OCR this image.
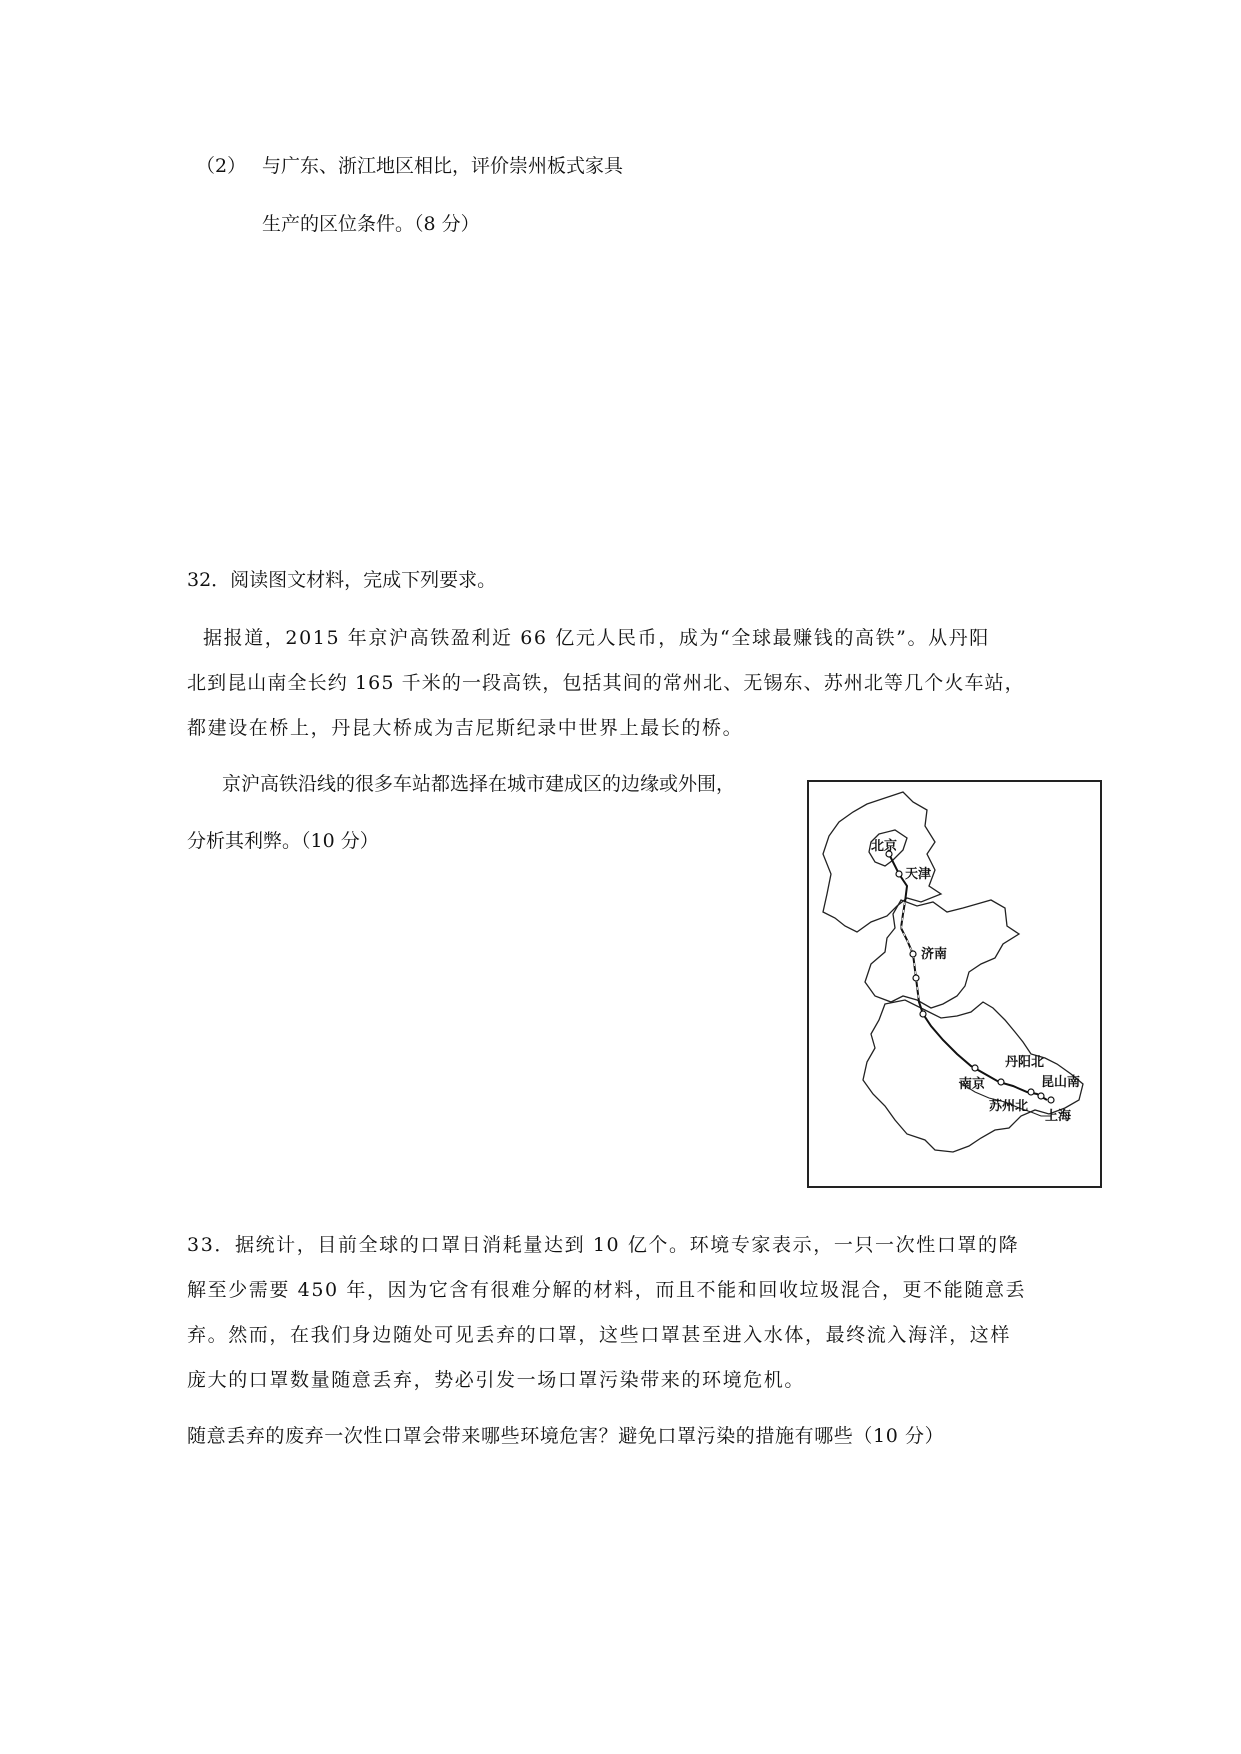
（2） 与广东、浙江地区相比，评价崇州板式家具
生产的区位条件。（8 分）
32．阅读图文材料，完成下列要求。
据报道，2015 年京沪高铁盈利近 66 亿元人民币，成为“全球最赚钱的高铁”。从丹阳
北到昆山南全长约 165 千米的一段高铁，包括其间的常州北、无锡东、苏州北等几个火车站，
都建设在桥上，丹昆大桥成为吉尼斯纪录中世界上最长的桥。
京沪高铁沿线的很多车站都选择在城市建成区的边缘或外围，
分析其利弊。（10 分）	北京
天津
济南
南京
丹阳北
昆山南
苏州北
上海
33．据统计，目前全球的口罩日消耗量达到 10 亿个。环境专家表示，一只一次性口罩的降
解至少需要 450 年，因为它含有很难分解的材料，而且不能和回收垃圾混合，更不能随意丢
弃。然而，在我们身边随处可见丢弃的口罩，这些口罩甚至进入水体，最终流入海洋，这样
庞大的口罩数量随意丢弃，势必引发一场口罩污染带来的环境危机。
随意丢弃的废弃一次性口罩会带来哪些环境危害？避免口罩污染的措施有哪些（10 分）
